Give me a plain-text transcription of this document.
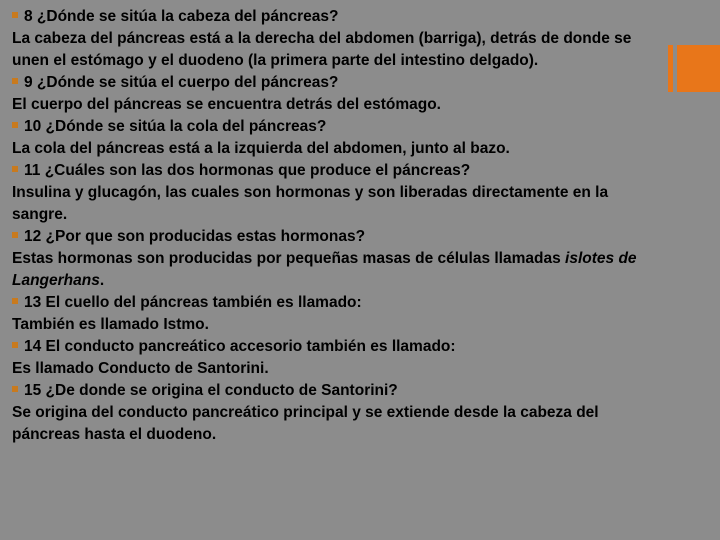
8 ¿Dónde se sitúa la cabeza del páncreas?
La cabeza del páncreas está a la derecha del abdomen (barriga), detrás de donde se unen el estómago y el duodeno (la primera parte del intestino delgado).
9 ¿Dónde se sitúa el cuerpo del páncreas?
El cuerpo del páncreas se encuentra detrás del estómago.
10 ¿Dónde se sitúa la cola del páncreas?
La cola del páncreas está a la izquierda del abdomen, junto al bazo.
11 ¿Cuáles son las dos hormonas que produce el páncreas?
Insulina y glucagón, las cuales son hormonas y son liberadas directamente en la sangre.
12 ¿Por que son producidas estas hormonas?
Estas hormonas son producidas por pequeñas masas de células llamadas islotes de Langerhans.
13 El cuello del páncreas también es llamado:
También es llamado Istmo.
14 El conducto pancreático accesorio también es llamado:
Es llamado Conducto de Santorini.
15 ¿De donde se origina el conducto de Santorini?
Se origina del conducto pancreático principal y se extiende desde la cabeza del páncreas hasta el duodeno.
